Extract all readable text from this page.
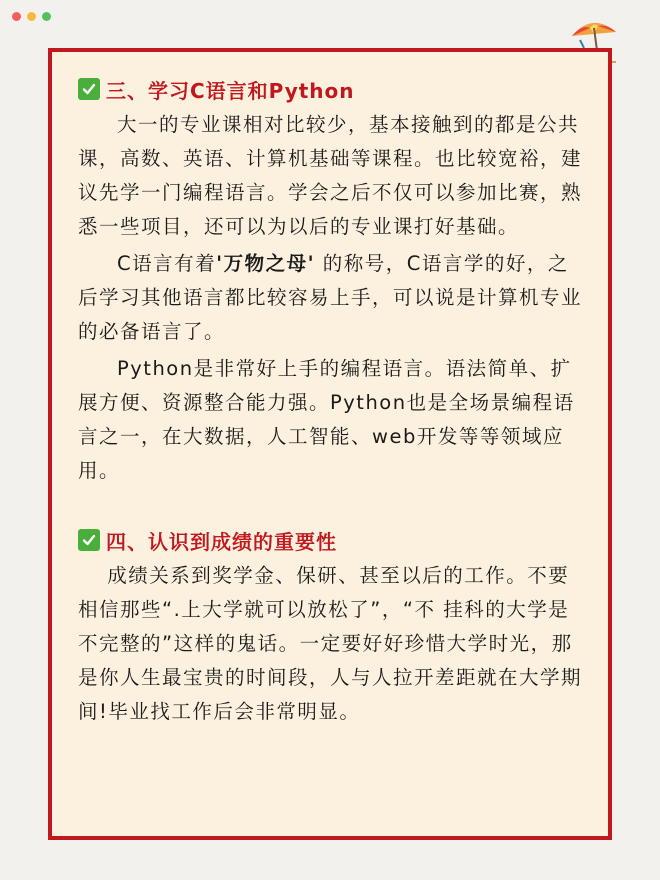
三、学习C语言和Python

大一的专业课相对比较少，基本接触到的都是公共课，高数、英语、计算机基础等课程。也比较宽裕，建议先学一门编程语言。学会之后不仅可以参加比赛，熟悉一些项目，还可以为以后的专业课打好基础。

C语言有着'万物之母' 的称号，C语言学的好，之后学习其他语言都比较容易上手，可以说是计算机专业的必备语言了。

Python是非常好上手的编程语言。语法简单、扩展方便、资源整合能力强。Python也是全场景编程语言之一，在大数据，人工智能、web开发等等领域应用。

四、认识到成绩的重要性

成绩关系到奖学金、保研、甚至以后的工作。不要相信那些“.上大学就可以放松了”，“不 挂科的大学是不完整的”这样的鬼话。一定要好好珍惜大学时光，那是你人生最宝贵的时间段，人与人拉开差距就在大学期间!毕业找工作后会非常明显。
